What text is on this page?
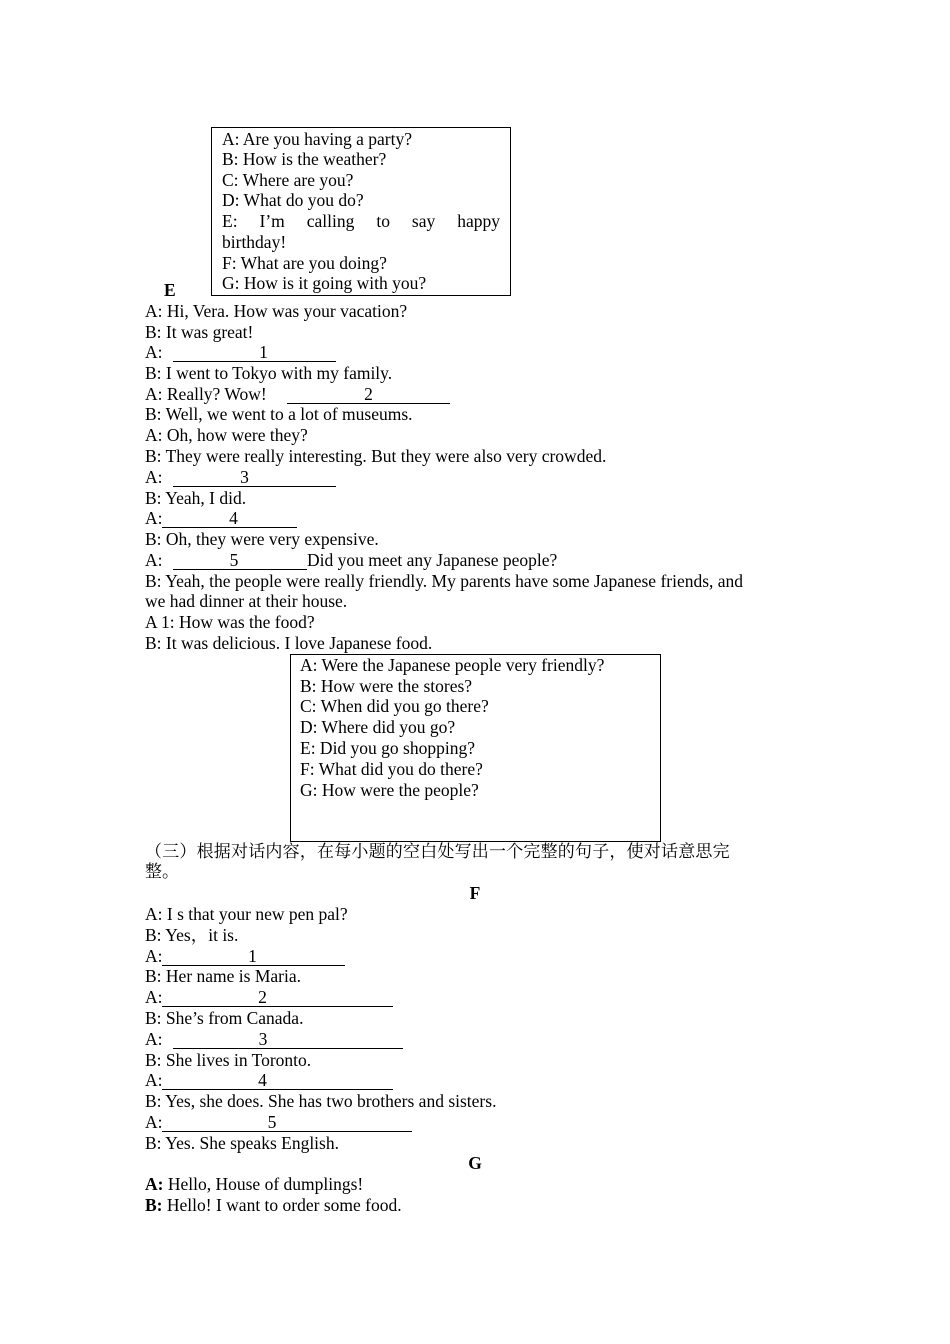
A: Are you having a party?
B: How is the weather?
C: Where are you?
D: What do you do?
E: I’m calling to say happy
birthday!
F: What are you doing?
G: How is it going with you?
E
A: Hi, Vera. How was your vacation?
B: It was great!
A:	1
B: I went to Tokyo with my family.
A: Really? Wow!	2
B: Well, we went to a lot of museums.
A: Oh, how were they?
B: They were really interesting. But they were also very crowded.
A:	3
B: Yeah, I did.
A:	4
B: Oh, they were very expensive.
A:	5	Did you meet any Japanese people?
B: Yeah, the people were really friendly. My parents have some Japanese friends, and
we had dinner at their house.
A 1: How was the food?
B: It was delicious. I love Japanese food.
A: Were the Japanese people very friendly?
B: How were the stores?
C: When did you go there?
D: Where did you go?
E: Did you go shopping?
F: What did you do there?
G: How were the people?
（三）根据对话内容，在每小题的空白处写出一个完整的句子，使对话意思完
整。
F
A: I s that your new pen pal?
B: Yes，it is.
A:	1
B: Her name is Maria.
A:	2
B: She’s from Canada.
A:	3
B: She lives in Toronto.
A:	4
B: Yes, she does. She has two brothers and sisters.
A:	5
B: Yes. She speaks English.
G
A: Hello, House of dumplings!
B: Hello! I want to order some food.
